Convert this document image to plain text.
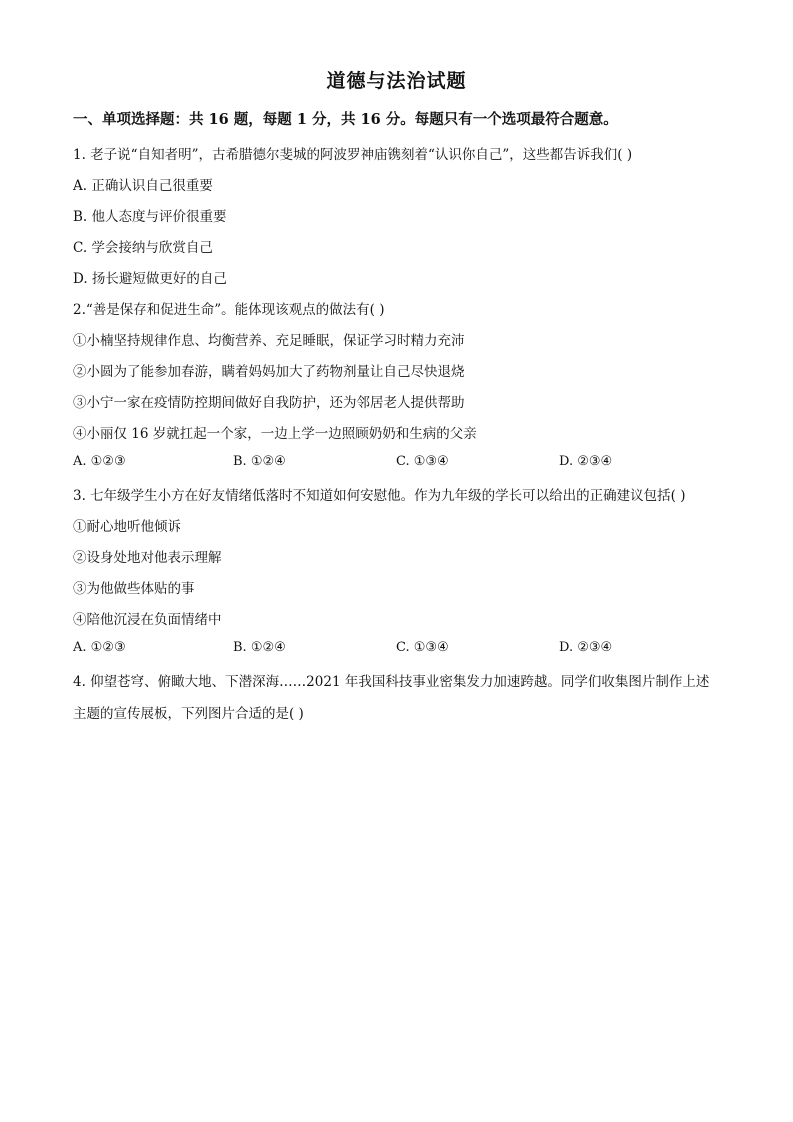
道德与法治试题
一、单项选择题：共 16 题，每题 1 分，共 16 分。每题只有一个选项最符合题意。
1. 老子说“自知者明”，古希腊德尔斐城的阿波罗神庙镌刻着“认识你自己”，这些都告诉我们( )
A. 正确认识自己很重要
B. 他人态度与评价很重要
C. 学会接纳与欣赏自己
D. 扬长避短做更好的自己
2.“善是保存和促进生命”。能体现该观点的做法有( )
①小楠坚持规律作息、均衡营养、充足睡眠，保证学习时精力充沛
②小圆为了能参加春游，瞒着妈妈加大了药物剂量让自己尽快退烧
③小宁一家在疫情防控期间做好自我防护，还为邻居老人提供帮助
④小丽仅 16 岁就扛起一个家，一边上学一边照顾奶奶和生病的父亲
A. ①②③	B. ①②④	C. ①③④	D. ②③④
3. 七年级学生小方在好友情绪低落时不知道如何安慰他。作为九年级的学长可以给出的正确建议包括( )
①耐心地听他倾诉
②设身处地对他表示理解
③为他做些体贴的事
④陪他沉浸在负面情绪中
A. ①②③	B. ①②④	C. ①③④	D. ②③④
4. 仰望苍穹、俯瞰大地、下潜深海……2021 年我国科技事业密集发力加速跨越。同学们收集图片制作上述
主题的宣传展板，下列图片合适的是( )
